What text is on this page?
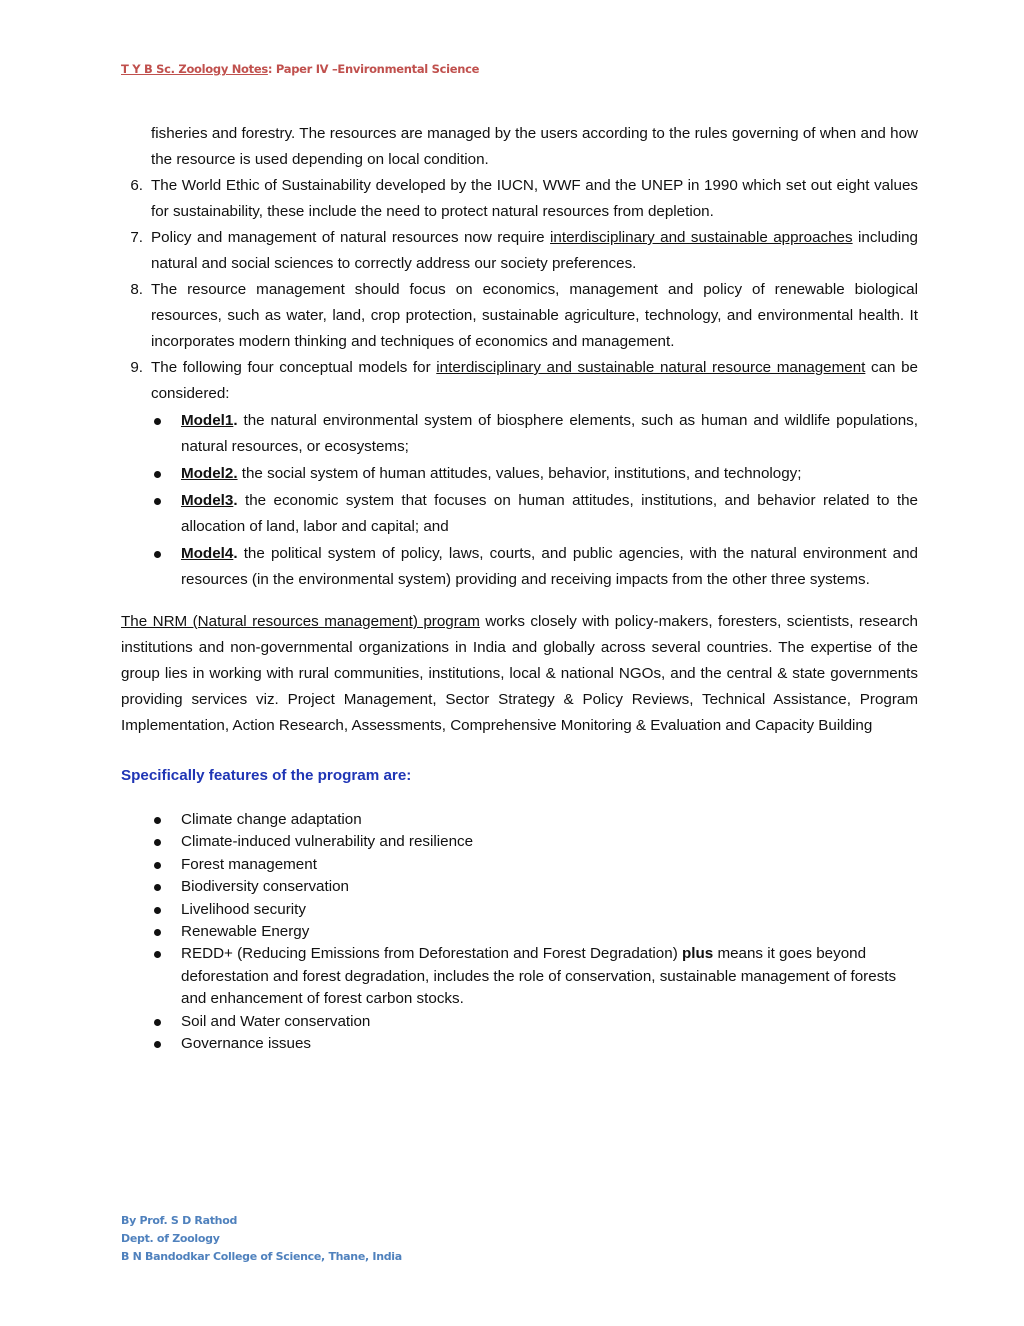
T Y B Sc. Zoology Notes: Paper IV –Environmental Science
fisheries and forestry. The resources are managed by the users according to the rules governing of when and how the resource is used depending on local condition.
6. The World Ethic of Sustainability developed by the IUCN, WWF and the UNEP in 1990 which set out eight values for sustainability, these include the need to protect natural resources from depletion.
7. Policy and management of natural resources now require interdisciplinary and sustainable approaches including natural and social sciences to correctly address our society preferences.
8. The resource management should focus on economics, management and policy of renewable biological resources, such as water, land, crop protection, sustainable agriculture, technology, and environmental health. It incorporates modern thinking and techniques of economics and management.
9. The following four conceptual models for interdisciplinary and sustainable natural resource management can be considered:
Model1. the natural environmental system of biosphere elements, such as human and wildlife populations, natural resources, or ecosystems;
Model2. the social system of human attitudes, values, behavior, institutions, and technology;
Model3. the economic system that focuses on human attitudes, institutions, and behavior related to the allocation of land, labor and capital; and
Model4. the political system of policy, laws, courts, and public agencies, with the natural environment and resources (in the environmental system) providing and receiving impacts from the other three systems.
The NRM (Natural resources management) program works closely with policy-makers, foresters, scientists, research institutions and non-governmental organizations in India and globally across several countries. The expertise of the group lies in working with rural communities, institutions, local & national NGOs, and the central & state governments providing services viz. Project Management, Sector Strategy & Policy Reviews, Technical Assistance, Program Implementation, Action Research, Assessments, Comprehensive Monitoring & Evaluation and Capacity Building
Specifically features of the program are:
Climate change adaptation
Climate-induced vulnerability and resilience
Forest management
Biodiversity conservation
Livelihood security
Renewable Energy
REDD+ (Reducing Emissions from Deforestation and Forest Degradation) plus means it goes beyond deforestation and forest degradation, includes the role of conservation, sustainable management of forests and enhancement of forest carbon stocks.
Soil and Water conservation
Governance issues
By Prof. S D Rathod
Dept. of Zoology
B N Bandodkar College of Science, Thane, India
